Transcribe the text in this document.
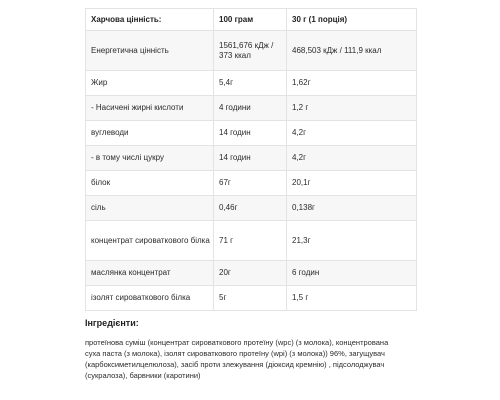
Харчова цінність:	100 грам	30 г (1 порція)
Енергетична цінність	1561,676 кДж / 373 ккал	468,503 кДж / 111,9 ккал
Жир	5,4г	1,62г
- Насичені жирні кислоти	4 години	1,2 г
вуглеводи	14 годин	4,2г
- в тому числі цукру	14 годин	4,2г
білок	67г	20,1г
сіль	0,46г	0,138г
концентрат сироваткового білка	71 г	21,3г
маслянка концентрат	20г	6 годин
ізолят сироваткового білка	5г	1,5 г
Інгредієнти:
протеїнова суміш (концентрат сироваткового протеїну (wpc) (з молока), концентрована суха паста (з молока), ізолят сироваткового протеїну (wpi) (з молока)) 96%, загущувач (карбоксиметилцелюлоза), засіб проти злежування (діоксид кремнію) , підсолоджувач (сукралоза), барвники (каротини)
